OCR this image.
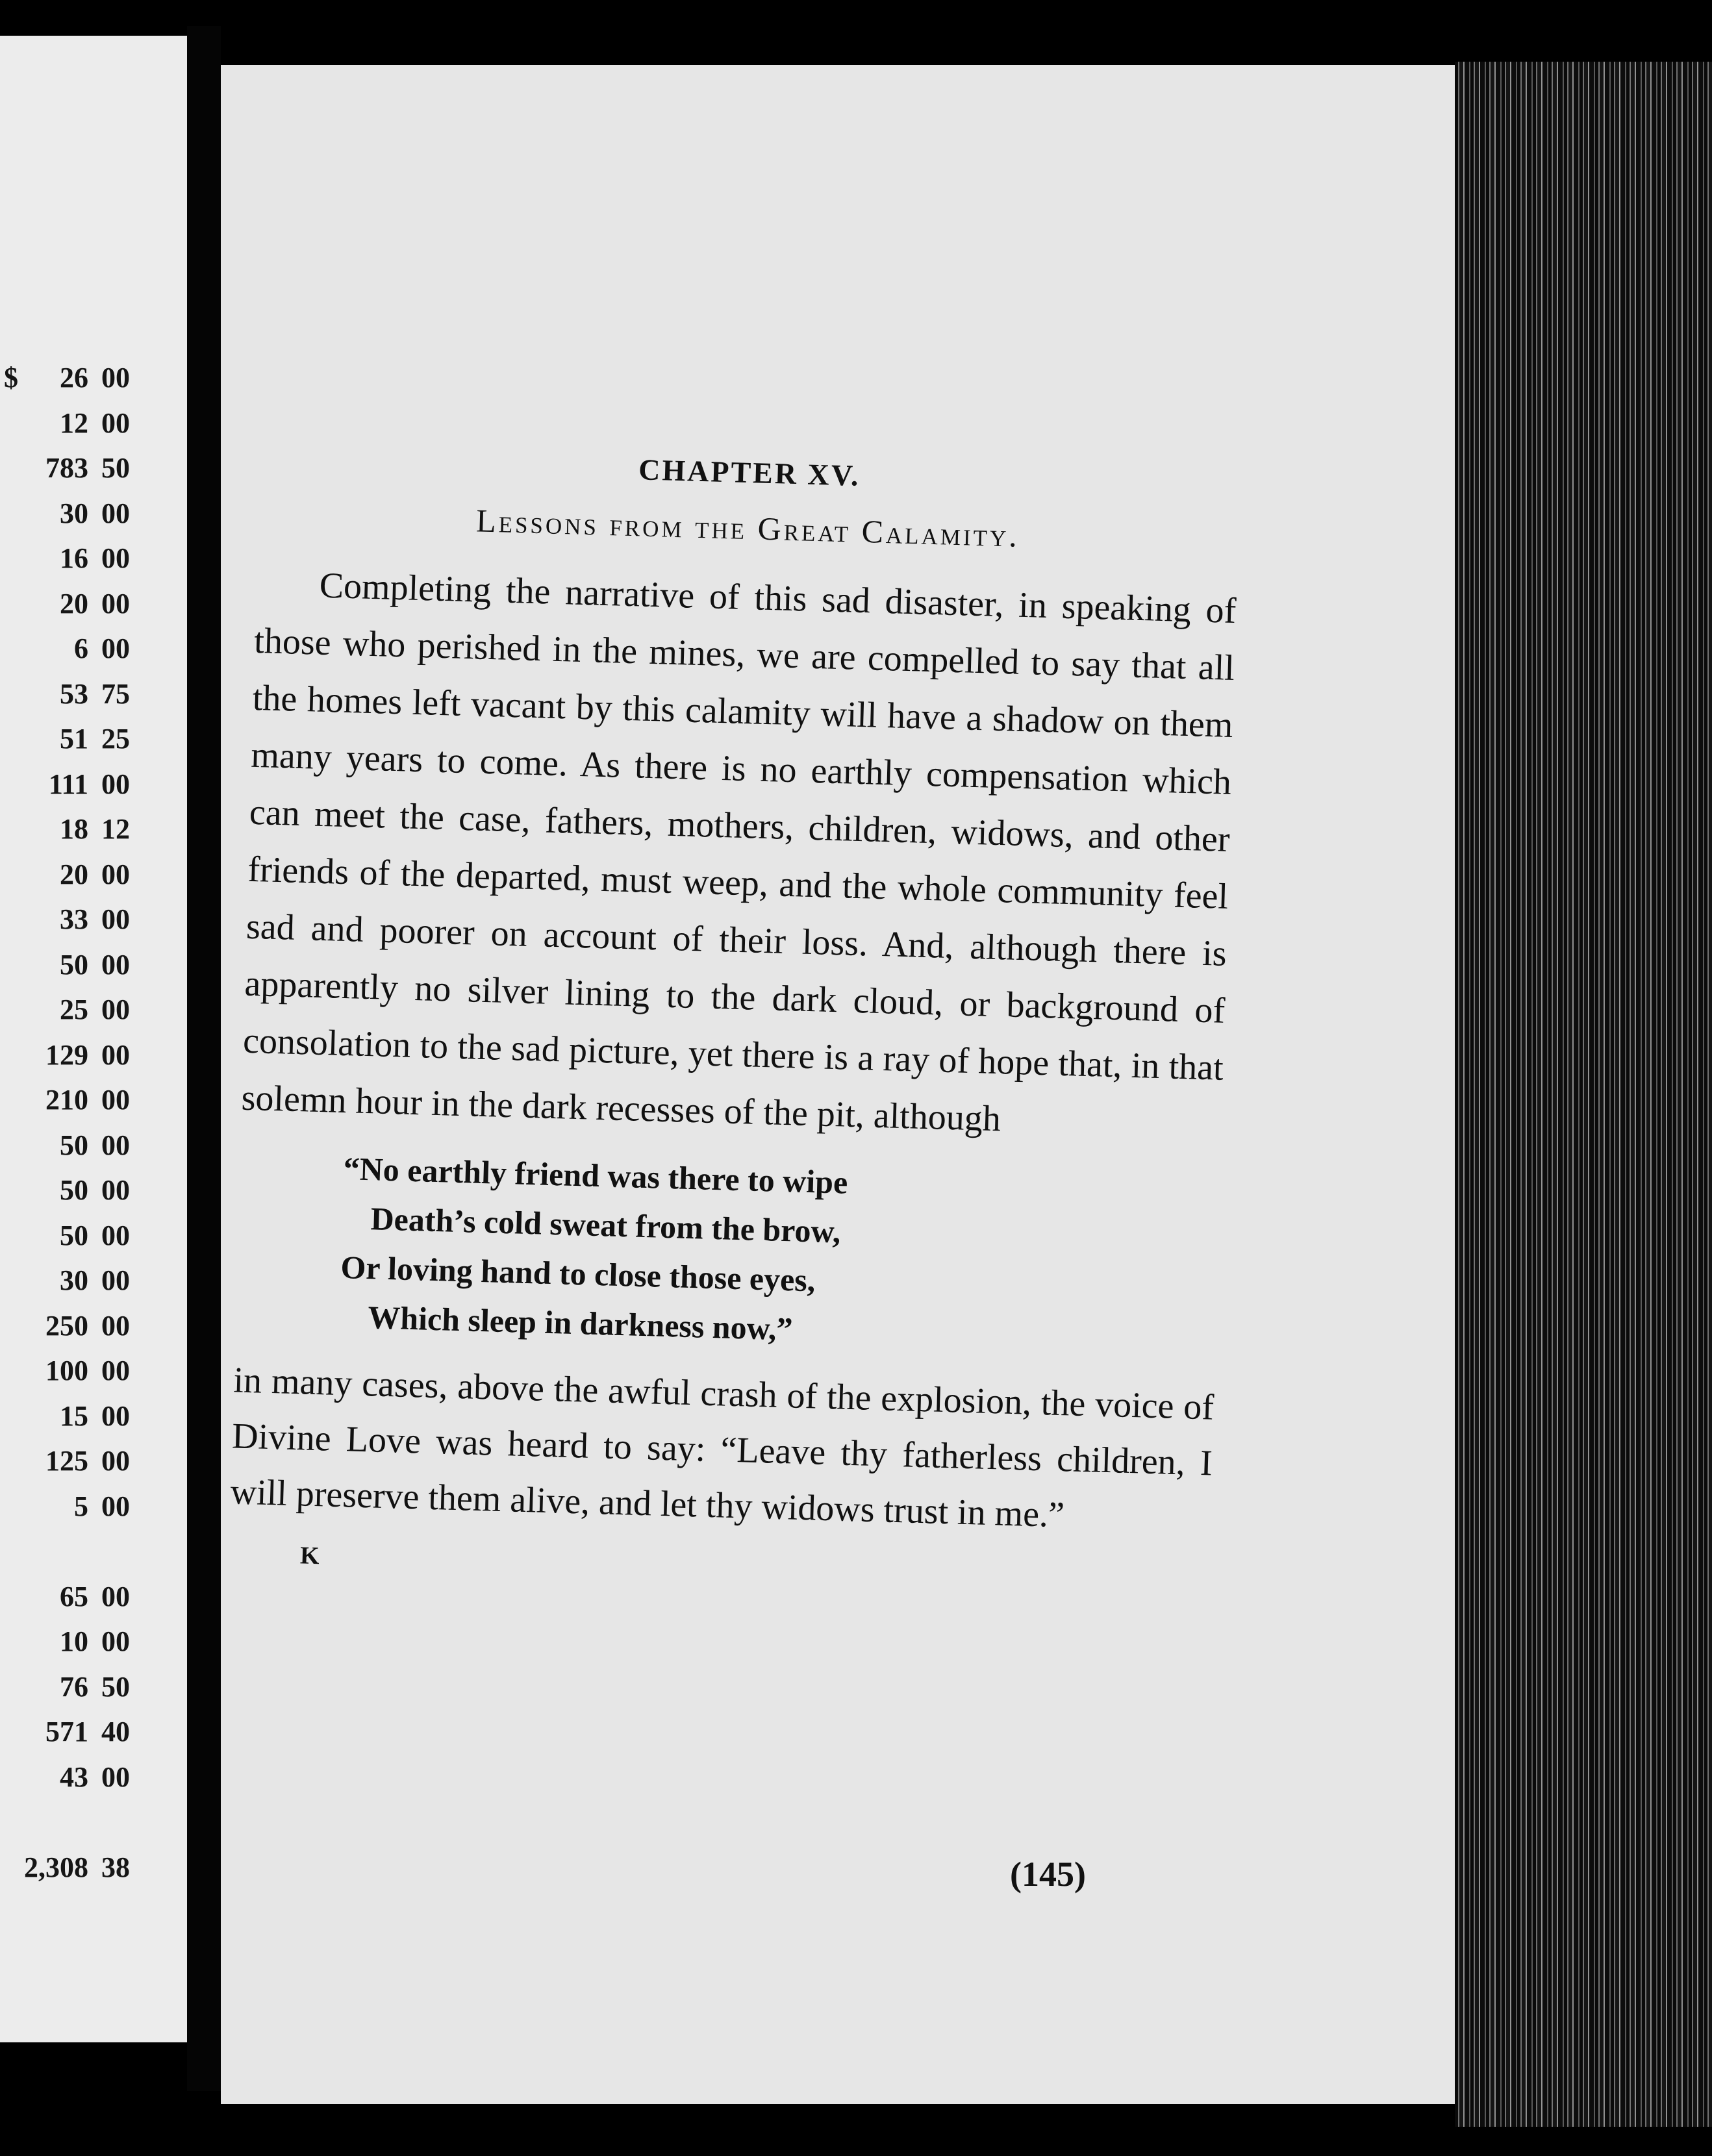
$ 26 00
12 00
783 50
30 00
16 00
20 00
6 00
53 75
51 25
111 00
18 12
20 00
33 00
50 00
25 00
129 00
210 00
50 00
50 00
50 00
30 00
250 00
100 00
15 00
125 00
5 00
65 00
10 00
76 50
571 40
43 00
2,308 38
CHAPTER XV.
Lessons from the Great Calamity.

Completing the narrative of this sad disaster, in speaking of those who perished in the mines, we are compelled to say that all the homes left vacant by this calamity will have a shadow on them many years to come. As there is no earthly compensation which can meet the case, fathers, mothers, children, widows, and other friends of the departed, must weep, and the whole community feel sad and poorer on account of their loss. And, although there is apparently no silver lining to the dark cloud, or background of consolation to the sad picture, yet there is a ray of hope that, in that solemn hour in the dark recesses of the pit, although

“No earthly friend was there to wipe
Death’s cold sweat from the brow,
Or loving hand to close those eyes,
Which sleep in darkness now,”

in many cases, above the awful crash of the explosion, the voice of Divine Love was heard to say: “Leave thy fatherless children, I will preserve them alive, and let thy widows trust in me.”

K
(145)
